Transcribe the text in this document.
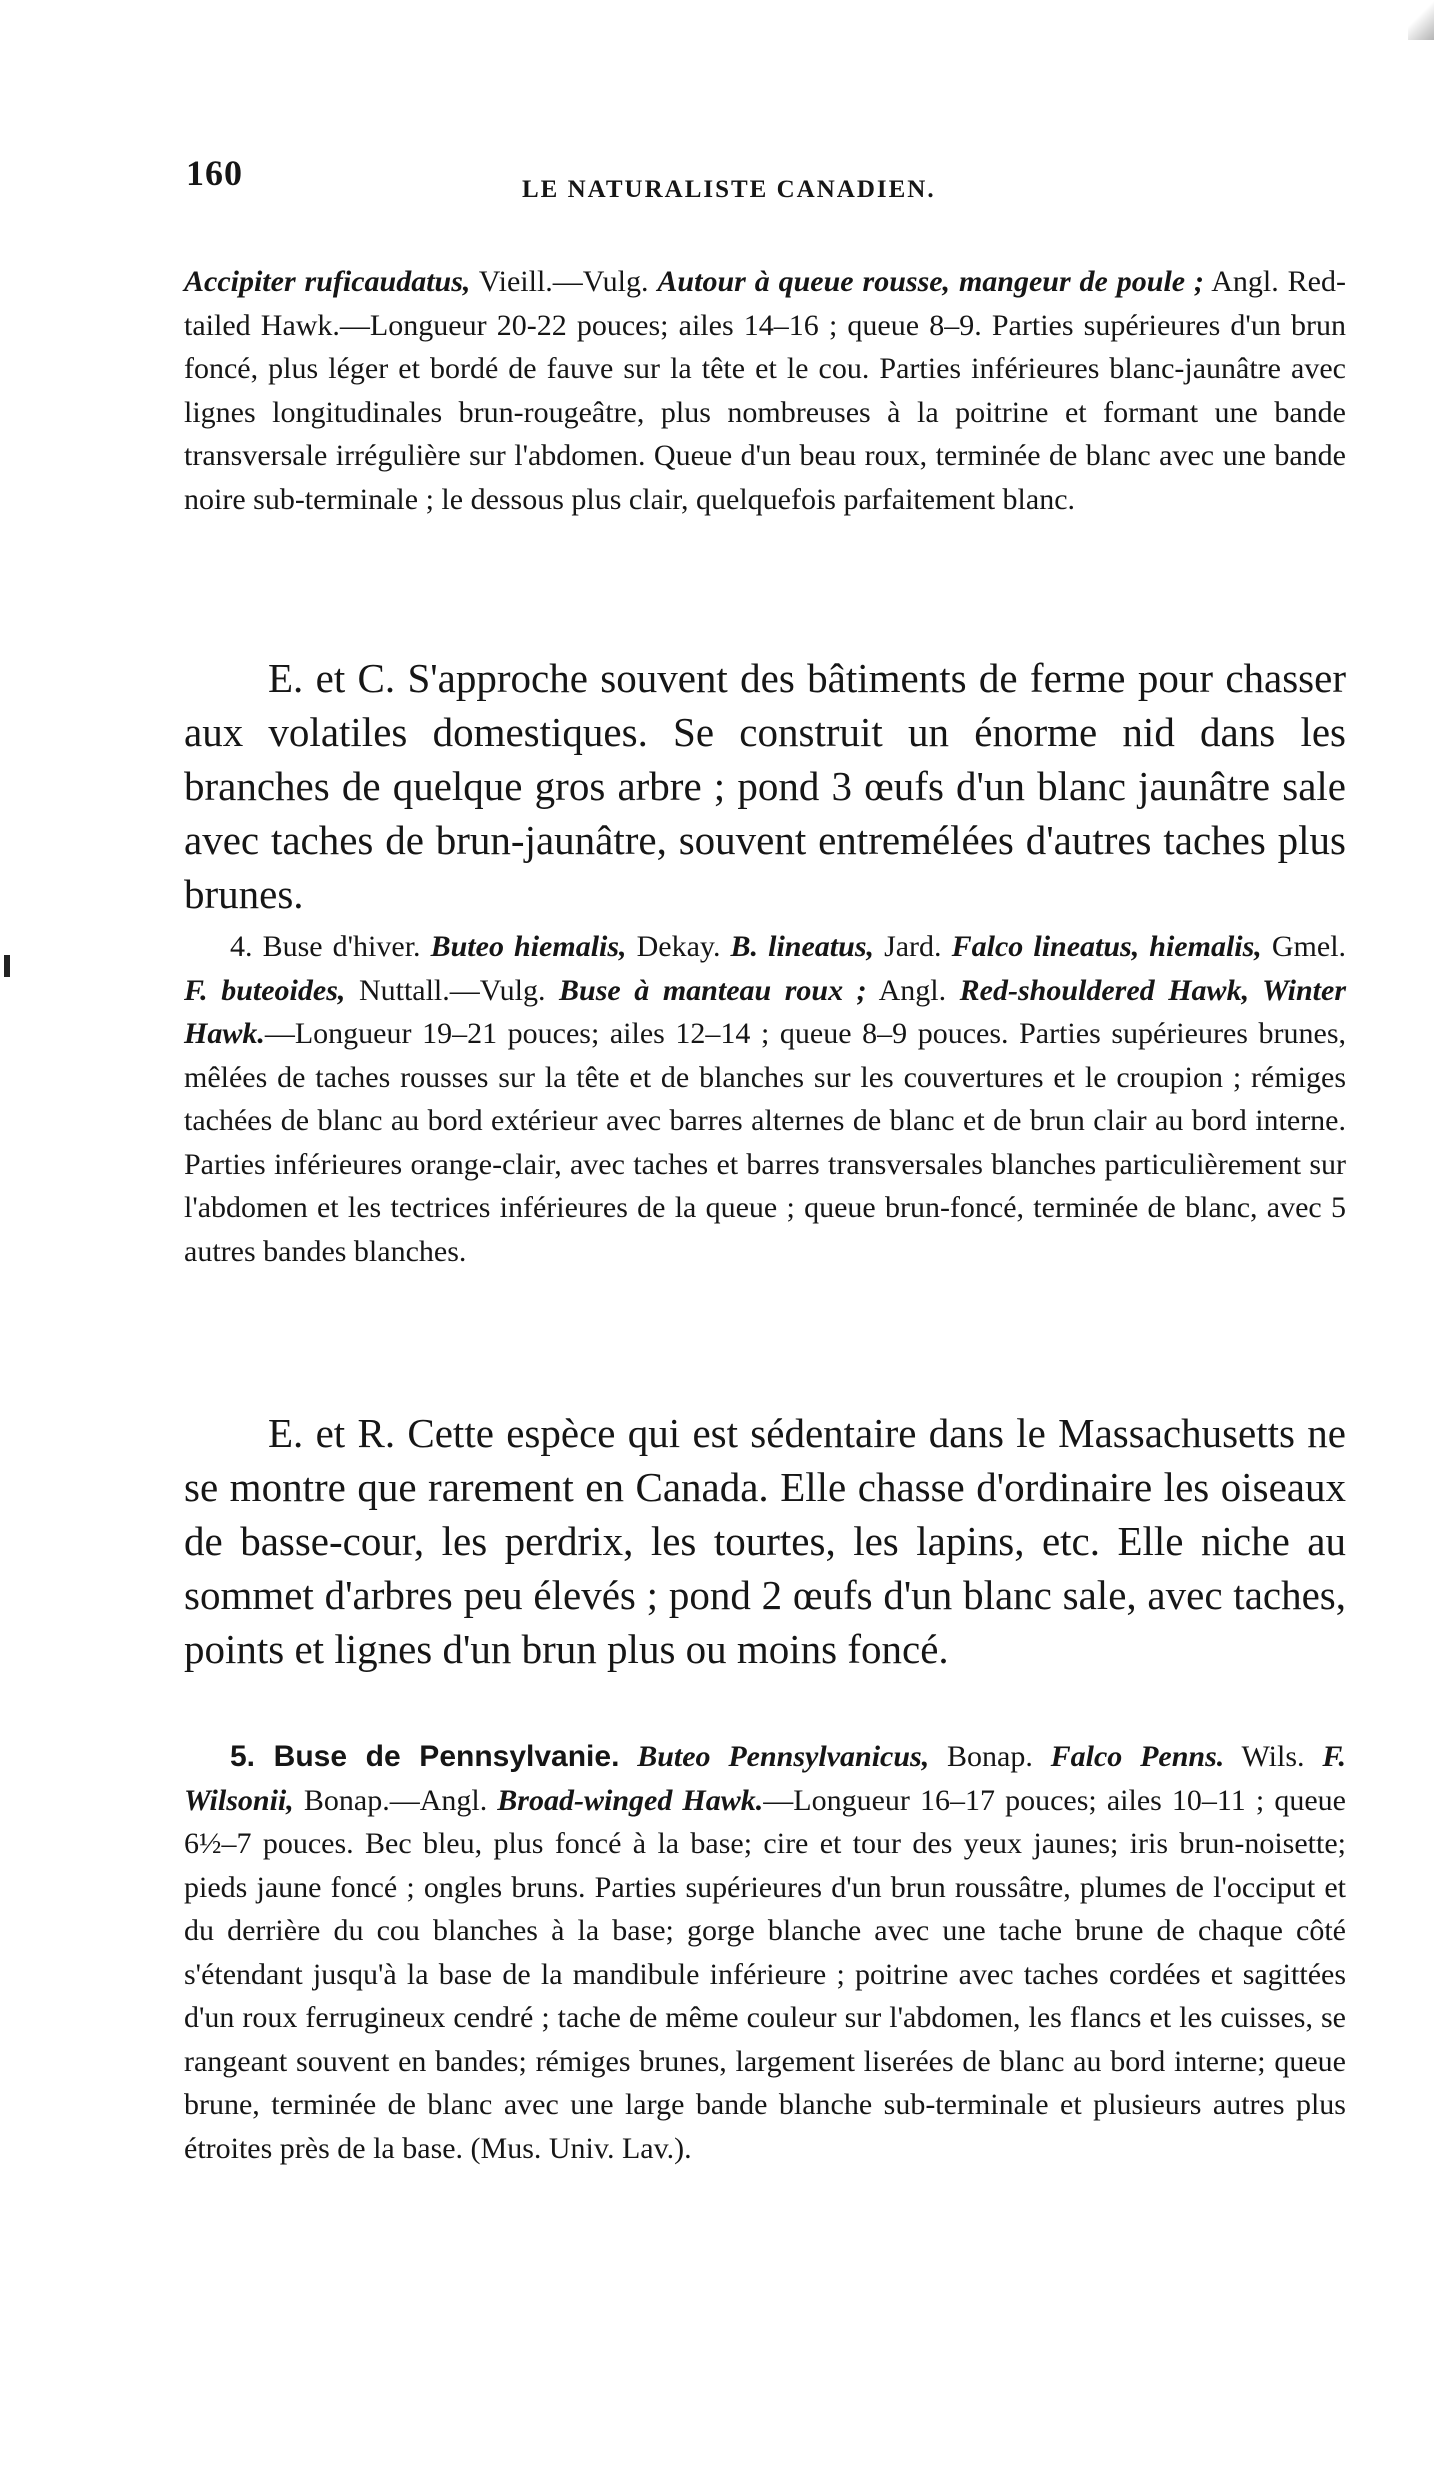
160	LE NATURALISTE CANADIEN.

Accipiter ruficaudatus, Vieill.—Vulg. Autour à queue rousse, mangeur de poule ; Angl. Red-tailed Hawk.—Longueur 20-22 pouces; ailes 14–16 ; queue 8–9. Parties supérieures d'un brun foncé, plus léger et bordé de fauve sur la tête et le cou. Parties inférieures blanc-jaunâtre avec lignes longitudinales brun-rougeâtre, plus nombreuses à la poitrine et formant une bande transversale irrégulière sur l'abdomen. Queue d'un beau roux, terminée de blanc avec une bande noire sub-terminale ; le dessous plus clair, quelquefois parfaitement blanc.

E. et C. S'approche souvent des bâtiments de ferme pour chasser aux volatiles domestiques. Se construit un énorme nid dans les branches de quelque gros arbre ; pond 3 œufs d'un blanc jaunâtre sale avec taches de brun-jaunâtre, souvent entremélées d'autres taches plus brunes.

4. Buse d'hiver. Buteo hiemalis, Dekay. B. lineatus, Jard. Falco lineatus, hiemalis, Gmel. F. buteoides, Nuttall.—Vulg. Buse à manteau roux ; Angl. Red-shouldered Hawk, Winter Hawk.—Longueur 19–21 pouces; ailes 12–14 ; queue 8–9 pouces. Parties supérieures brunes, mêlées de taches rousses sur la tête et de blanches sur les couvertures et le croupion ; rémiges tachées de blanc au bord extérieur avec barres alternes de blanc et de brun clair au bord interne. Parties inférieures orange-clair, avec taches et barres transversales blanches particulièrement sur l'abdomen et les tectrices inférieures de la queue ; queue brun-foncé, terminée de blanc, avec 5 autres bandes blanches.

E. et R. Cette espèce qui est sédentaire dans le Massachusetts ne se montre que rarement en Canada. Elle chasse d'ordinaire les oiseaux de basse-cour, les perdrix, les tourtes, les lapins, etc. Elle niche au sommet d'arbres peu élevés ; pond 2 œufs d'un blanc sale, avec taches, points et lignes d'un brun plus ou moins foncé.

5. Buse de Pennsylvanie. Buteo Pennsylvanicus, Bonap. Falco Penns. Wils. F. Wilsonii, Bonap.—Angl. Broad-winged Hawk.—Longueur 16–17 pouces; ailes 10–11 ; queue 6½–7 pouces. Bec bleu, plus foncé à la base; cire et tour des yeux jaunes; iris brun-noisette; pieds jaune foncé ; ongles bruns. Parties supérieures d'un brun roussâtre, plumes de l'occiput et du derrière du cou blanches à la base; gorge blanche avec une tache brune de chaque côté s'étendant jusqu'à la base de la mandibule inférieure ; poitrine avec taches cordées et sagittées d'un roux ferrugineux cendré ; tache de même couleur sur l'abdomen, les flancs et les cuisses, se rangeant souvent en bandes; rémiges brunes, largement liserées de blanc au bord interne; queue brune, terminée de blanc avec une large bande blanche sub-terminale et plusieurs autres plus étroites près de la base. (Mus. Univ. Lav.).
